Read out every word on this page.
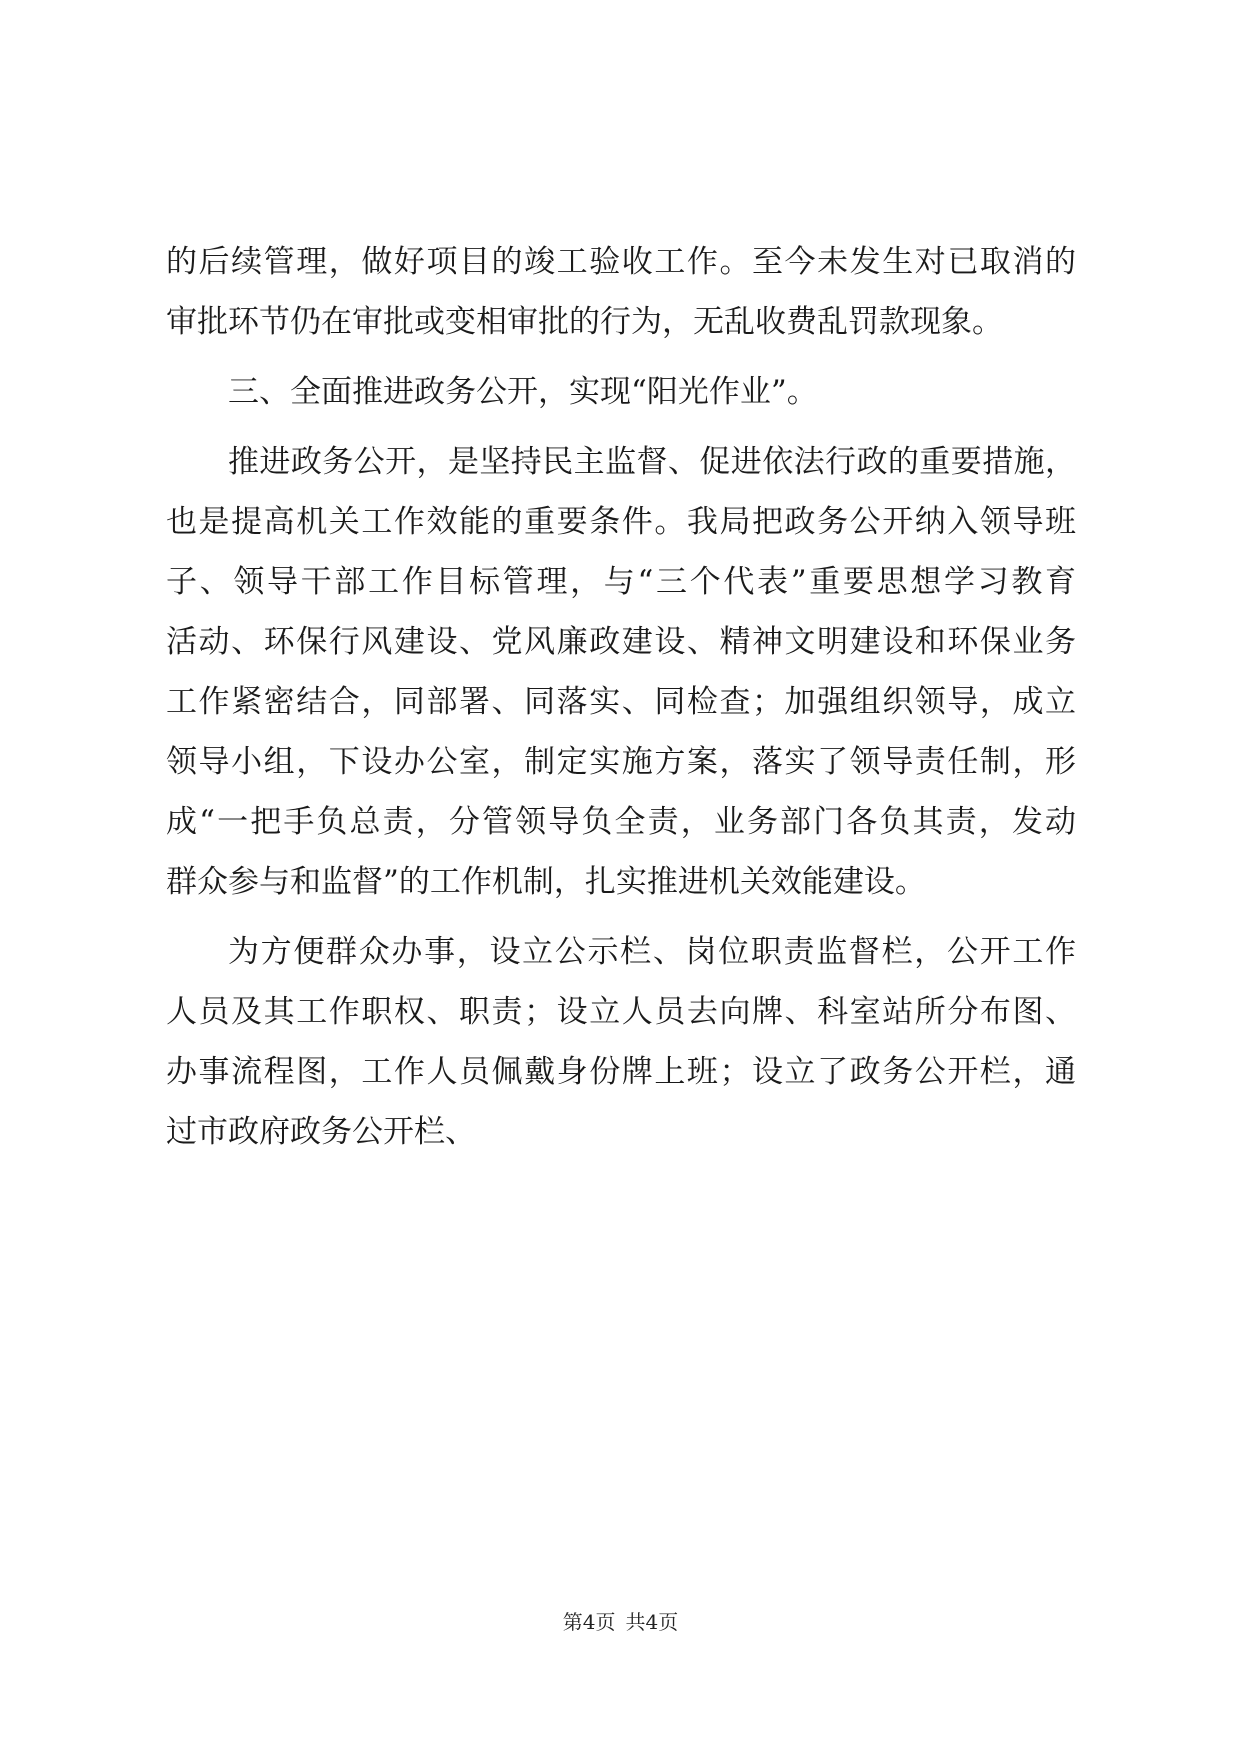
的后续管理，做好项目的竣工验收工作。至今未发生对已取消的
审批环节仍在审批或变相审批的行为，无乱收费乱罚款现象。
三、全面推进政务公开，实现“阳光作业”。
推进政务公开，是坚持民主监督、促进依法行政的重要措施，
也是提高机关工作效能的重要条件。我局把政务公开纳入领导班
子、领导干部工作目标管理，与“三个代表”重要思想学习教育
活动、环保行风建设、党风廉政建设、精神文明建设和环保业务
工作紧密结合，同部署、同落实、同检查；加强组织领导，成立
领导小组，下设办公室，制定实施方案，落实了领导责任制，形
成“一把手负总责，分管领导负全责，业务部门各负其责，发动
群众参与和监督”的工作机制，扎实推进机关效能建设。
为方便群众办事，设立公示栏、岗位职责监督栏，公开工作
人员及其工作职权、职责；设立人员去向牌、科室站所分布图、
办事流程图，工作人员佩戴身份牌上班；设立了政务公开栏，通
过市政府政务公开栏、
第4页 共4页
